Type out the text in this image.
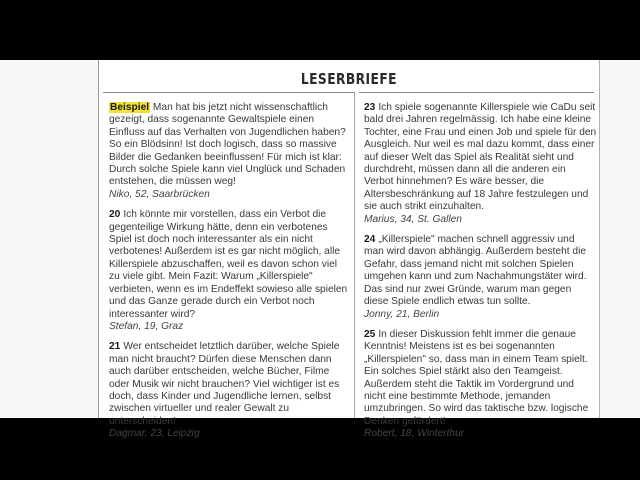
LESERBRIEFE
Beispiel Man hat bis jetzt nicht wissenschaftlich gezeigt, dass sogenannte Gewaltspiele einen Einfluss auf das Verhalten von Jugendlichen haben? So ein Blödsinn! Ist doch logisch, dass so massive Bilder die Gedanken beeinflussen! Für mich ist klar: Durch solche Spiele kann viel Unglück und Schaden entstehen, die müssen weg!
Niko, 52, Saarbrücken
20 Ich könnte mir vorstellen, dass ein Verbot die gegenteilige Wirkung hätte, denn ein verbotenes Spiel ist doch noch interessanter als ein nicht verbotenes! Außerdem ist es gar nicht möglich, alle Killerspiele abzuschaffen, weil es davon schon viel zu viele gibt. Mein Fazit: Warum „Killerspiele" verbieten, wenn es im Endeffekt sowieso alle spielen und das Ganze gerade durch ein Verbot noch interessanter wird?
Stefan, 19, Graz
21 Wer entscheidet letztlich darüber, welche Spiele man nicht braucht? Dürfen diese Menschen dann auch darüber entscheiden, welche Bücher, Filme oder Musik wir nicht brauchen? Viel wichtiger ist es doch, dass Kinder und Jugendliche lernen, selbst zwischen virtueller und realer Gewalt zu unterscheiden!
Dagmar, 23, Leipzig
23 Ich spiele sogenannte Killerspiele wie CaDu seit bald drei Jahren regelmässig. Ich habe eine kleine Tochter, eine Frau und einen Job und spiele für den Ausgleich. Nur weil es mal dazu kommt, dass einer auf dieser Welt das Spiel als Realität sieht und durchdreht, müssen dann all die anderen ein Verbot hinnehmen? Es wäre besser, die Altersbeschränkung auf 18 Jahre festzulegen und sie auch strikt einzuhalten.
Marius, 34, St. Gallen
24 „Killerspiele" machen schnell aggressiv und man wird davon abhängig. Außerdem besteht die Gefahr, dass jemand nicht mit solchen Spielen umgehen kann und zum Nachahmungstäter wird. Das sind nur zwei Gründe, warum man gegen diese Spiele endlich etwas tun sollte.
Jonny, 21, Berlin
25 In dieser Diskussion fehlt immer die genaue Kenntnis! Meistens ist es bei sogenannten „Killerspielen" so, dass man in einem Team spielt. Ein solches Spiel stärkt also den Teamgeist. Außerdem steht die Taktik im Vordergrund und nicht eine bestimmte Methode, jemanden umzubringen. So wird das taktische bzw. logische Denken gefördert!
Robert, 18, Winterthur
